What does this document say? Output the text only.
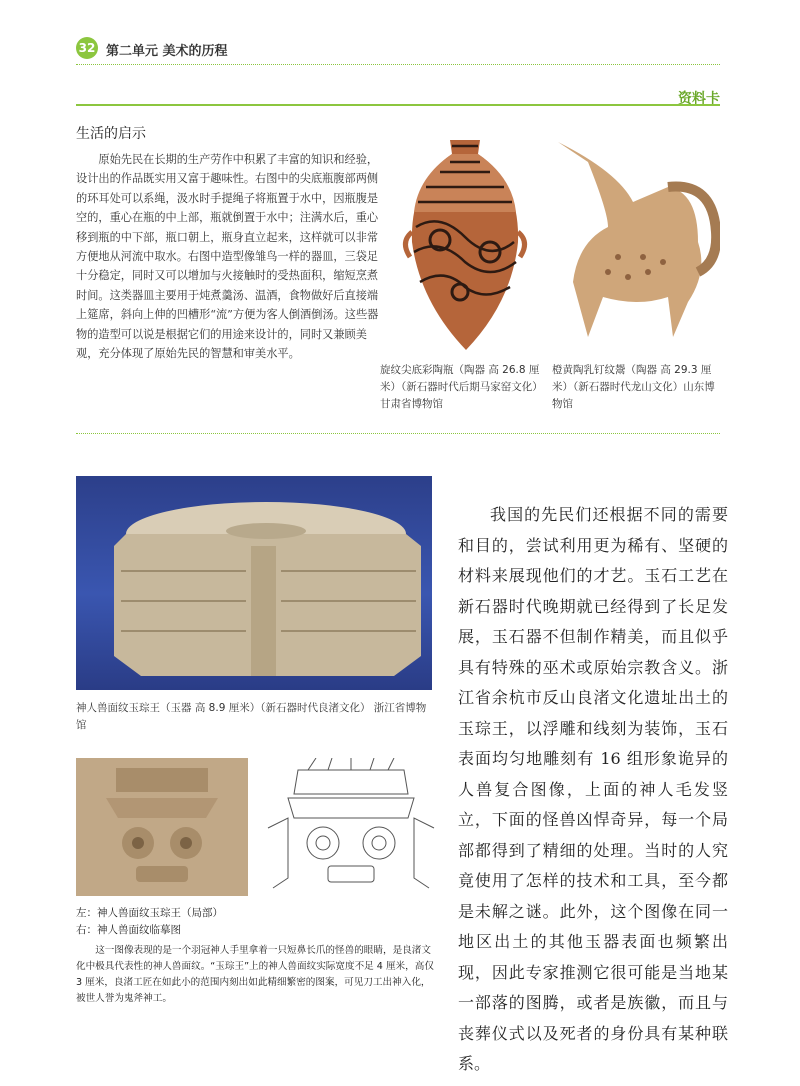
32 第二单元 美术的历程
资料卡
生活的启示
原始先民在长期的生产劳作中积累了丰富的知识和经验，设计出的作品既实用又富于趣味性。右图中的尖底瓶腹部两侧的环耳处可以系绳，汲水时手提绳子将瓶置于水中，因瓶腹是空的，重心在瓶的中上部，瓶就倒置于水中；注满水后，重心移到瓶的中下部，瓶口朝上，瓶身直立起来，这样就可以非常方便地从河流中取水。右图中造型像雏鸟一样的器皿，三袋足十分稳定，同时又可以增加与火接触时的受热面积，缩短烹煮时间。这类器皿主要用于炖煮羹汤、温酒，食物做好后直接端上筵席，斜向上伸的凹槽形“流”方便为客人倒酒倒汤。这些器物的造型可以说是根据它们的用途来设计的，同时又兼顾美观，充分体现了原始先民的智慧和审美水平。
旋纹尖底彩陶瓶（陶器 高 26.8 厘米）（新石器时代后期马家窑文化）甘肃省博物馆
橙黄陶乳钉纹鬶（陶器 高 29.3 厘米）（新石器时代龙山文化）山东博物馆
神人兽面纹玉琮王（玉器 高 8.9 厘米）（新石器时代良渚文化） 浙江省博物馆
左：神人兽面纹玉琮王（局部）
右：神人兽面纹临摹图
这一图像表现的是一个羽冠神人手里拿着一只短鼻长爪的怪兽的眼睛，是良渚文化中极具代表性的神人兽面纹。“玉琮王”上的神人兽面纹实际宽度不足 4 厘米，高仅 3 厘米，良渚工匠在如此小的范围内刻出如此精细繁密的图案，可见刀工出神入化，被世人誉为鬼斧神工。
我国的先民们还根据不同的需要和目的，尝试利用更为稀有、坚硬的材料来展现他们的才艺。玉石工艺在新石器时代晚期就已经得到了长足发展，玉石器不但制作精美，而且似乎具有特殊的巫术或原始宗教含义。浙江省余杭市反山良渚文化遗址出土的玉琮王，以浮雕和线刻为装饰，玉石表面均匀地雕刻有 16 组形象诡异的人兽复合图像，上面的神人毛发竖立，下面的怪兽凶悍奇异，每一个局部都得到了精细的处理。当时的人究竟使用了怎样的技术和工具，至今都是未解之谜。此外，这个图像在同一地区出土的其他玉器表面也频繁出现，因此专家推测它很可能是当地某一部落的图腾，或者是族徽，而且与丧葬仪式以及死者的身份具有某种联系。
